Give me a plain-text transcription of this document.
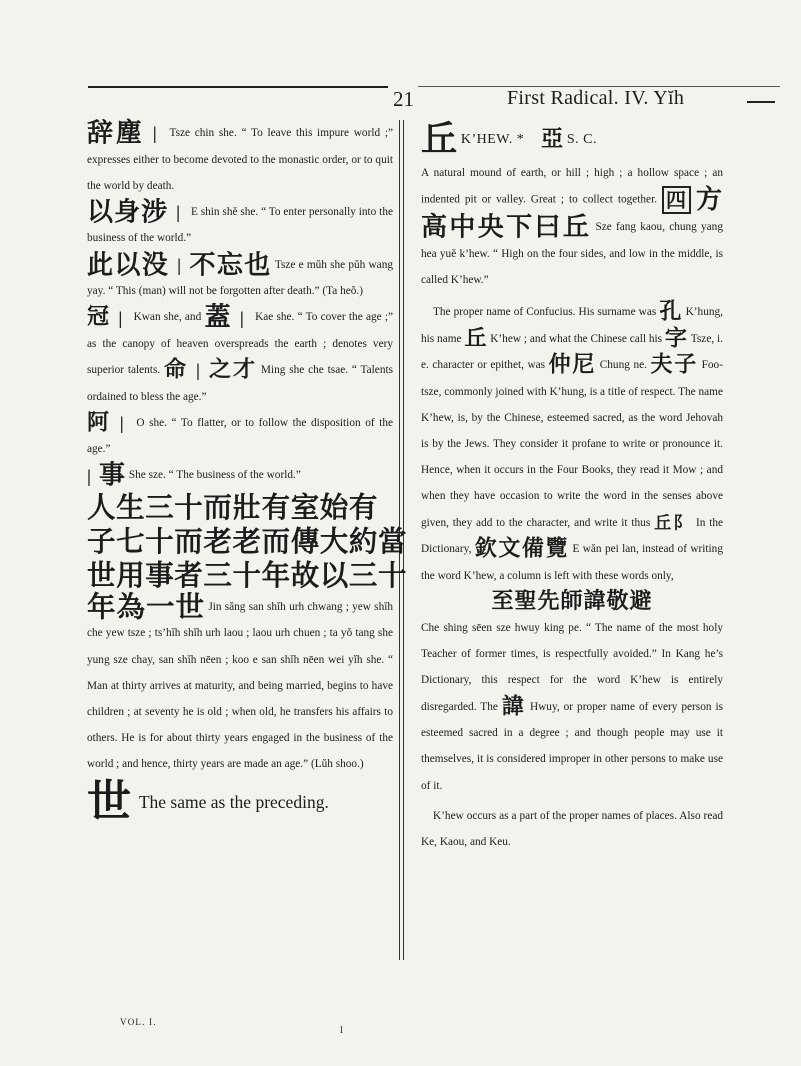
21	First Radical. IV. Yĭh

辞塵 | Tsze chin she. “ To leave this impure world ;” expresses either to become devoted to the monastic order, or to quit the world by death.

以身涉 | E shin shĕ she. “ To enter personally into the business of the world.”

此以没 | 不忘也 Tsze e mŭh she pŭh wang yay. “ This (man) will not be forgotten after death.” (Ta heŏ.)

冠 | Kwan she, and 蓋 | Kae she. “ To cover the age ;” as the canopy of heaven overspreads the earth ; denotes very superior talents. 命 | 之才 Ming she che tsae. “ Talents ordained to bless the age.”

阿 | O she. “ To flatter, or to follow the disposition of the age.”

| 事 She sze. “ The business of the world.”

人生三十而壯有室始有
子七十而老老而傳大約當
世用事者三十年故以三十
年為一世 Jin săng san shĭh urh chwang ; yew shĭh che yew tsze ; ts’hĭh shĭh urh laou ; laou urh chuen ; ta yŏ tang she yung sze chay, san shĭh nēen ; koo e san shĭh nēen wei yĭh she. “ Man at thirty arrives at maturity, and being married, begins to have children ; at seventy he is old ; when old, he transfers his affairs to others. He is for about thirty years engaged in the business of the world ; and hence, thirty years are made an age.” (Lŭh shoo.)

世 The same as the preceding.

丘 K’HEW. * 亞 S. C.

A natural mound of earth, or hill ; high ; a hollow space ; an indented pit or valley. Great ; to collect together. 四 方高中央下曰丘 Sze fang kaou, chung yang hea yuĕ k’hew. “ High on the four sides, and low in the middle, is called K’hew.”

The proper name of Confucius. His surname was 孔 K’hung, his name 丘 K’hew ; and what the Chinese call his 字 Tsze, i. e. character or epithet, was 仲尼 Chung ne. 夫子 Foo-tsze, commonly joined with K’hung, is a title of respect. The name K’hew, is, by the Chinese, esteemed sacred, as the word Jehovah is by the Jews. They consider it profane to write or pronounce it. Hence, when it occurs in the Four Books, they read it Mow ; and when they have occasion to write the word in the senses above given, they add to the character, and write it thus 丘阝 In the Dictionary, 欽文備覽 E wăn pei lan, instead of writing the word K’hew, a column is left with these words only,

至聖先師諱敬避
Che shing sēen sze hwuy king pe. “ The name of the most holy Teacher of former times, is respectfully avoided.” In Kang he’s Dictionary, this respect for the word K’hew is entirely disregarded. The 諱 Hwuy, or proper name of every person is esteemed sacred in a degree ; and though people may use it themselves, it is considered improper in other persons to make use of it.

K’hew occurs as a part of the proper names of places. Also read Ke, Kaou, and Keu.

VOL. I.
I
